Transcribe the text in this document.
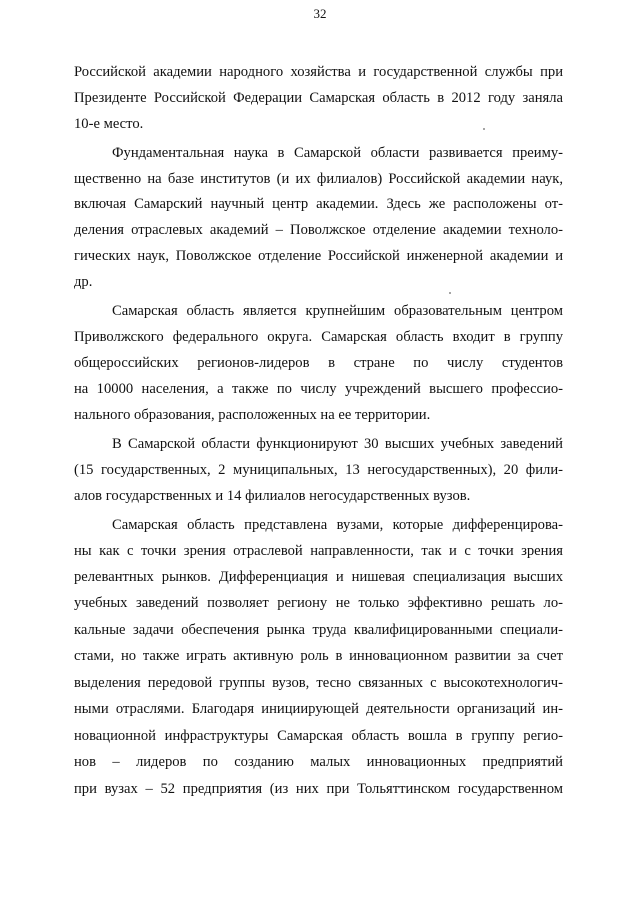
32
Российской академии народного хозяйства и государственной службы при
Президенте Российской Федерации Самарская область в 2012 году заняла
10-е место.
Фундаментальная наука в Самарской области развивается преиму-
щественно на базе институтов (и их филиалов) Российской академии наук,
включая Самарский научный центр академии. Здесь же расположены от-
деления отраслевых академий – Поволжское отделение академии техноло-
гических наук, Поволжское отделение Российской инженерной академии и
др.
Самарская область является крупнейшим образовательным центром
Приволжского федерального округа. Самарская область входит в группу
общероссийских регионов-лидеров в стране по числу студентов
на 10000 населения, а также по числу учреждений высшего профессио-
нального образования, расположенных на ее территории.
В Самарской области функционируют 30 высших учебных заведений
(15 государственных, 2 муниципальных, 13 негосударственных), 20 фили-
алов государственных и 14 филиалов негосударственных вузов.
Самарская область представлена вузами, которые дифференцирова-
ны как с точки зрения отраслевой направленности, так и с точки зрения
релевантных рынков. Дифференциация и нишевая специализация высших
учебных заведений позволяет региону не только эффективно решать ло-
кальные задачи обеспечения рынка труда квалифицированными специали-
стами, но также играть активную роль в инновационном развитии за счет
выделения передовой группы вузов, тесно связанных с высокотехнологич-
ными отраслями. Благодаря инициирующей деятельности организаций ин-
новационной инфраструктуры Самарская область вошла в группу регио-
нов – лидеров по созданию малых инновационных предприятий
при вузах – 52 предприятия (из них при Тольяттинском государственном
